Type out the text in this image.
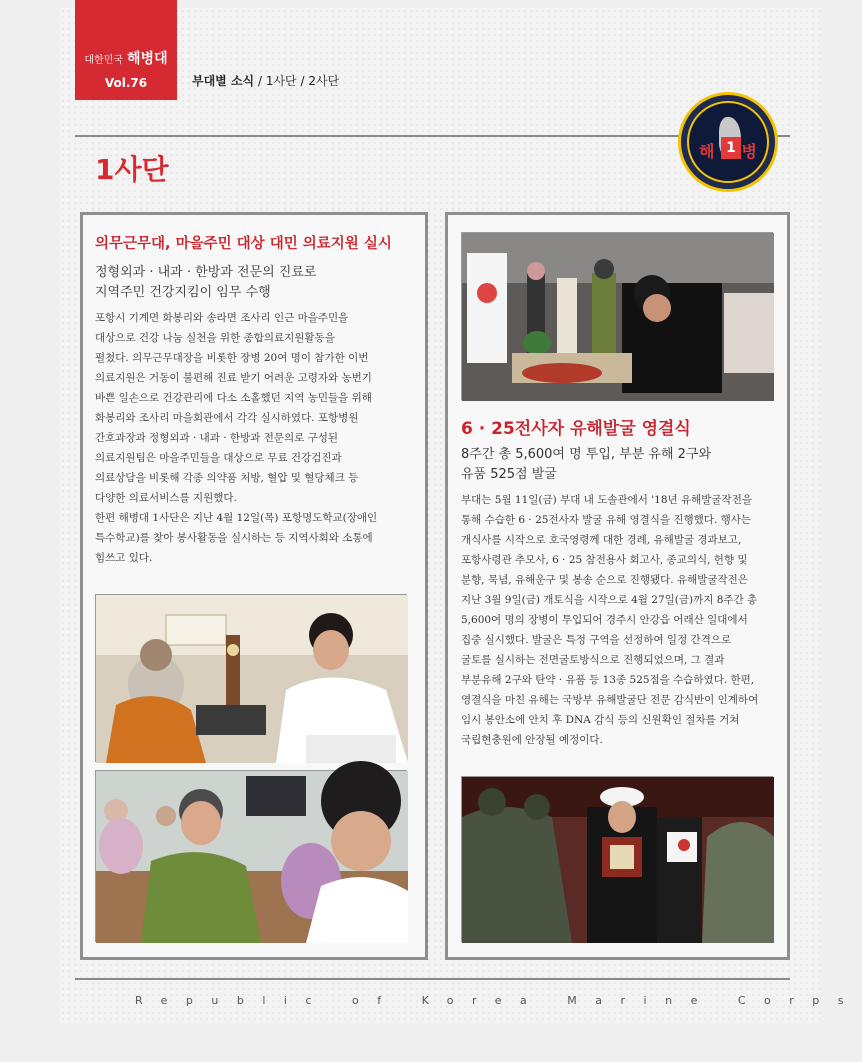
대한민국 해병대
Vol.76	부대별 소식 / 1사단 / 2사단
해 1 병
1사단
의무근무대, 마을주민 대상 대민 의료지원 실시
정형외과 · 내과 · 한방과 전문의 진료로
지역주민 건강지킴이 임무 수행
포항시 기계면 화봉리와 송라면 조사리 인근 마을주민을
대상으로 건강 나눔 실천을 위한 종합의료지원활동을
펼쳤다. 의무근무대장을 비롯한 장병 20여 명이 참가한 이번
의료지원은 거동이 불편해 진료 받기 어려운 고령자와 농번기
바쁜 일손으로 건강관리에 다소 소홀했던 지역 농민들을 위해
화봉리와 조사리 마을회관에서 각각 실시하였다. 포항병원
간호과장과 정형외과 · 내과 · 한방과 전문의로 구성된
의료지원팀은 마을주민들을 대상으로 무료 건강검진과
의료상담을 비롯해 각종 의약품 처방, 혈압 및 혈당체크 등
다양한 의료서비스를 지원했다.
한편 해병대 1사단은 지난 4월 12일(목) 포항명도학교(장애인
특수학교)를 찾아 봉사활동을 실시하는 등 지역사회와 소통에
힘쓰고 있다.
6 · 25전사자 유해발굴 영결식
8주간 총 5,600여 명 투입, 부분 유해 2구와
유품 525점 발굴
부대는 5월 11일(금) 부대 내 도솔관에서 '18년 유해발굴작전을
통해 수습한 6 · 25전사자 발굴 유해 영결식을 진행했다. 행사는
개식사를 시작으로 호국영령께 대한 경례, 유해발굴 경과보고,
포항사령관 추모사, 6 · 25 참전용사 회고사, 종교의식, 헌향 및
분향, 묵념, 유해운구 및 봉송 순으로 진행됐다. 유해발굴작전은
지난 3월 9일(금) 개토식을 시작으로 4월 27일(금)까지 8주간 총
5,600여 명의 장병이 투입되어 경주시 안강읍 어래산 일대에서
집중 실시했다. 발굴은 특정 구역을 선정하여 일정 간격으로
굴토를 실시하는 전면굴토방식으로 진행되었으며, 그 결과
부분유해 2구와 탄약 · 유품 등 13종 525점을 수습하였다. 한편,
영결식을 마친 유해는 국방부 유해발굴단 전문 감식반이 인계하여
임시 봉안소에 안치 후 DNA 감식 등의 신원확인 절차를 거쳐
국립현충원에 안장될 예정이다.
Republic of Korea Marine Corps
